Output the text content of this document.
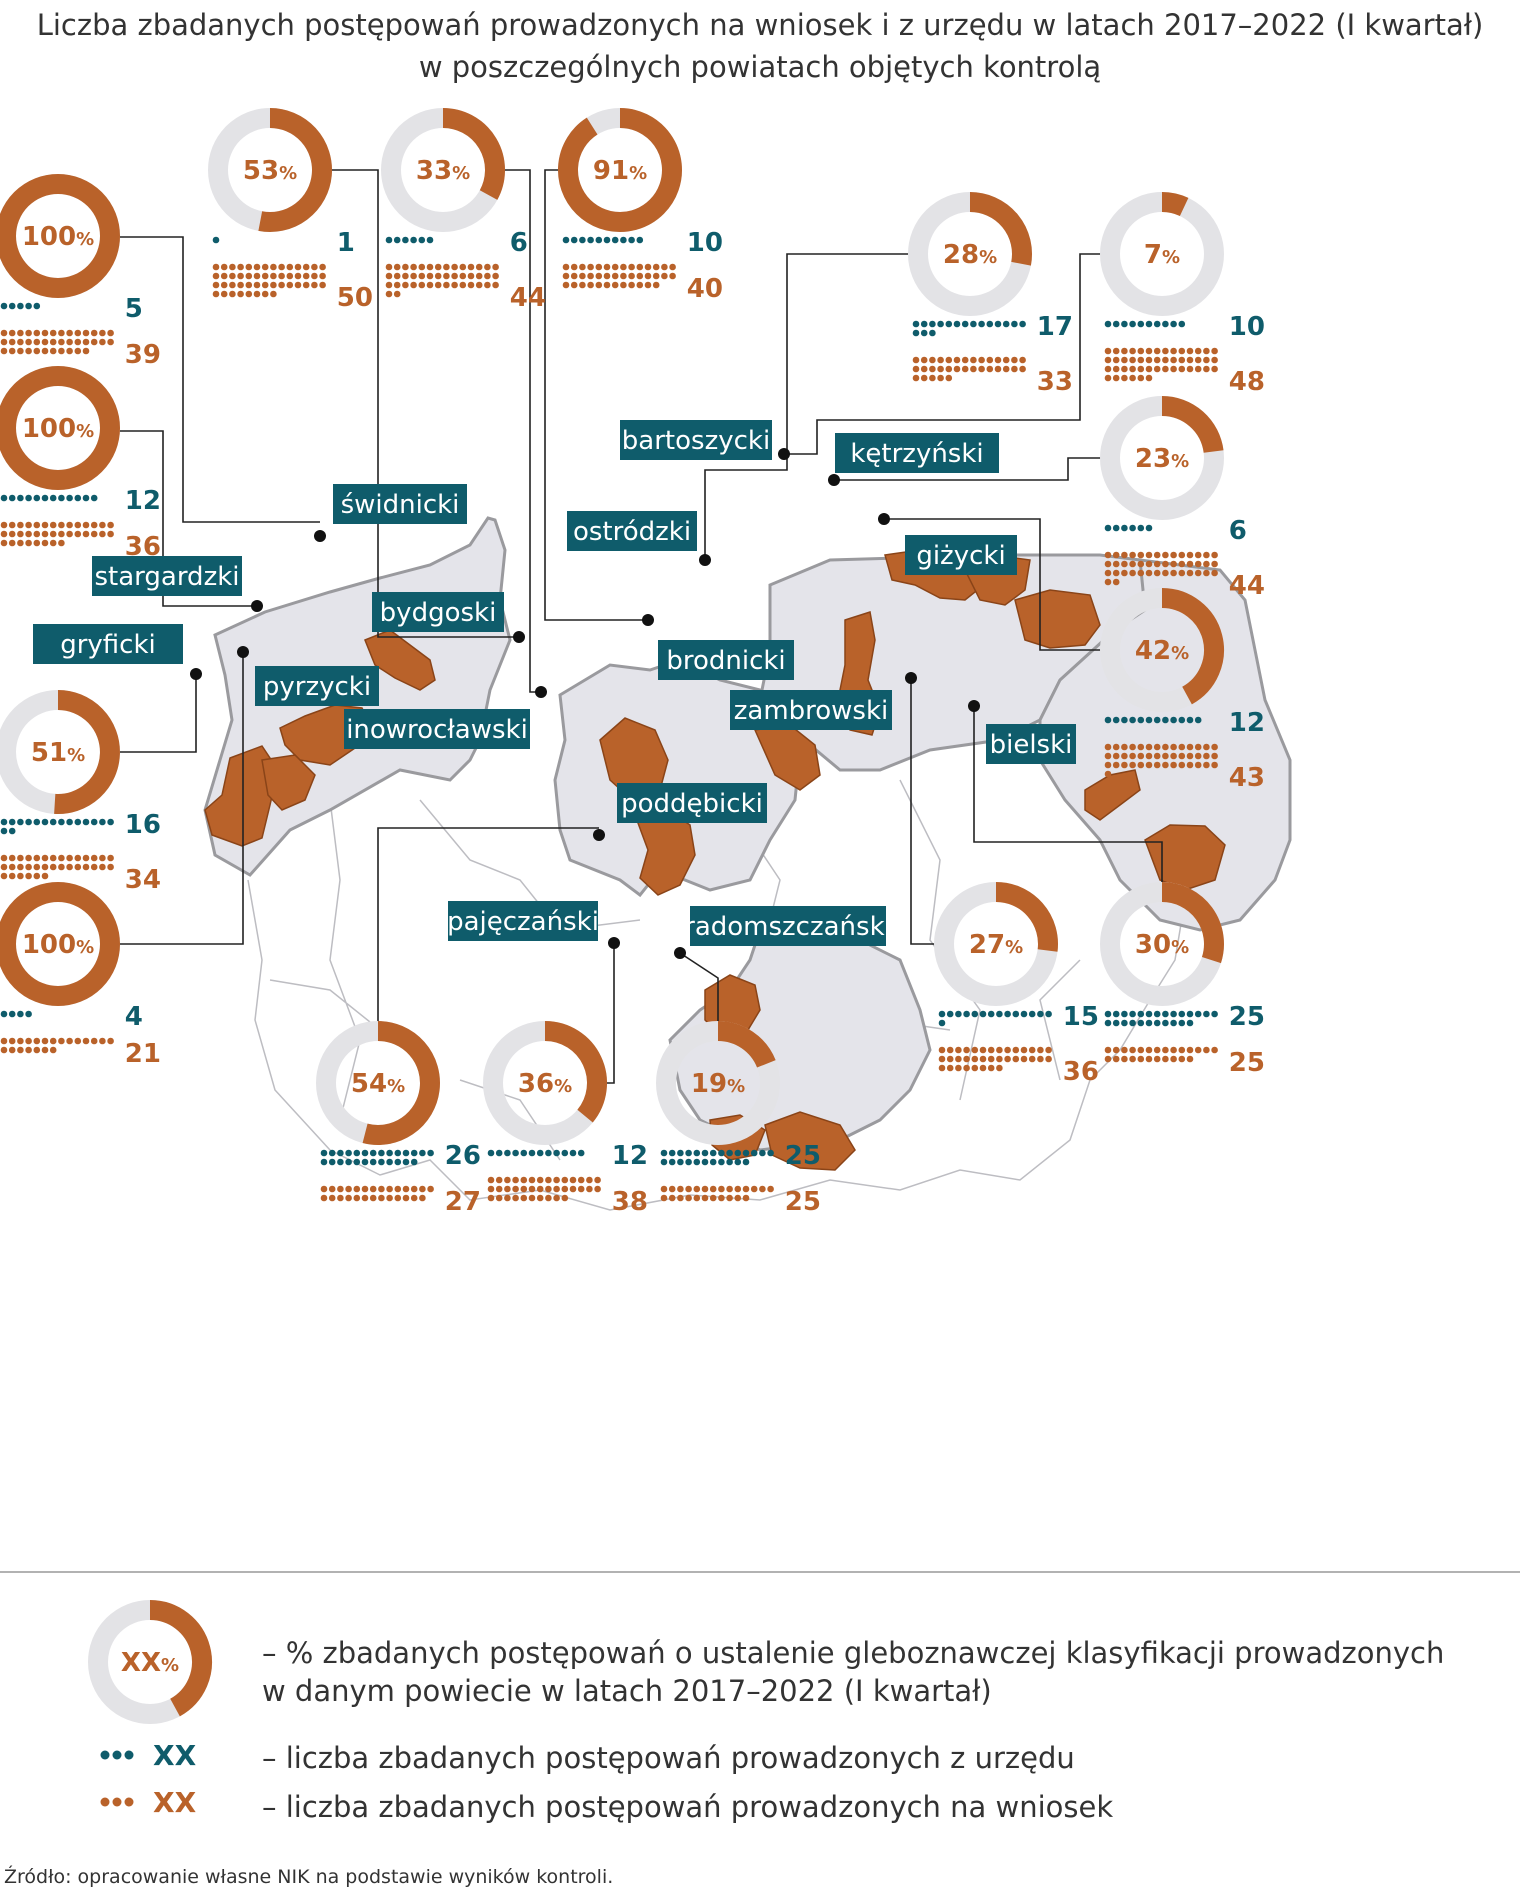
Liczba zbadanych postępowań prowadzonych na wniosek i z urzędu w latach 2017–2022 (I kwartał)
w poszczególnych powiatach objętych kontrolą
świdnicki
stargardzki
gryficki
pyrzycki
bydgoski
inowrocławski
brodnicki
ostródzki
bartoszycki	kętrzyński
giżycki
zambrowski
bielski
poddębicki
pajęczański	radomszczański
100%
5
39
100%
12
36
51%
16
34
100%
4
21
53%
1
50
33%
6
44
91%
10
40
28%
17
33
7%
10
48
23%
6
44
42%
12
43
27%
15
36
30%
25
25
54%
26
27
36%
12
38
19%
25
25
XX%
XX
XX
– % zbadanych postępowań o ustalenie gleboznawczej klasyfikacji prowadzonych
w danym powiecie w latach 2017–2022 (I kwartał)
– liczba zbadanych postępowań prowadzonych z urzędu
– liczba zbadanych postępowań prowadzonych na wniosek
Źródło: opracowanie własne NIK na podstawie wyników kontroli.
